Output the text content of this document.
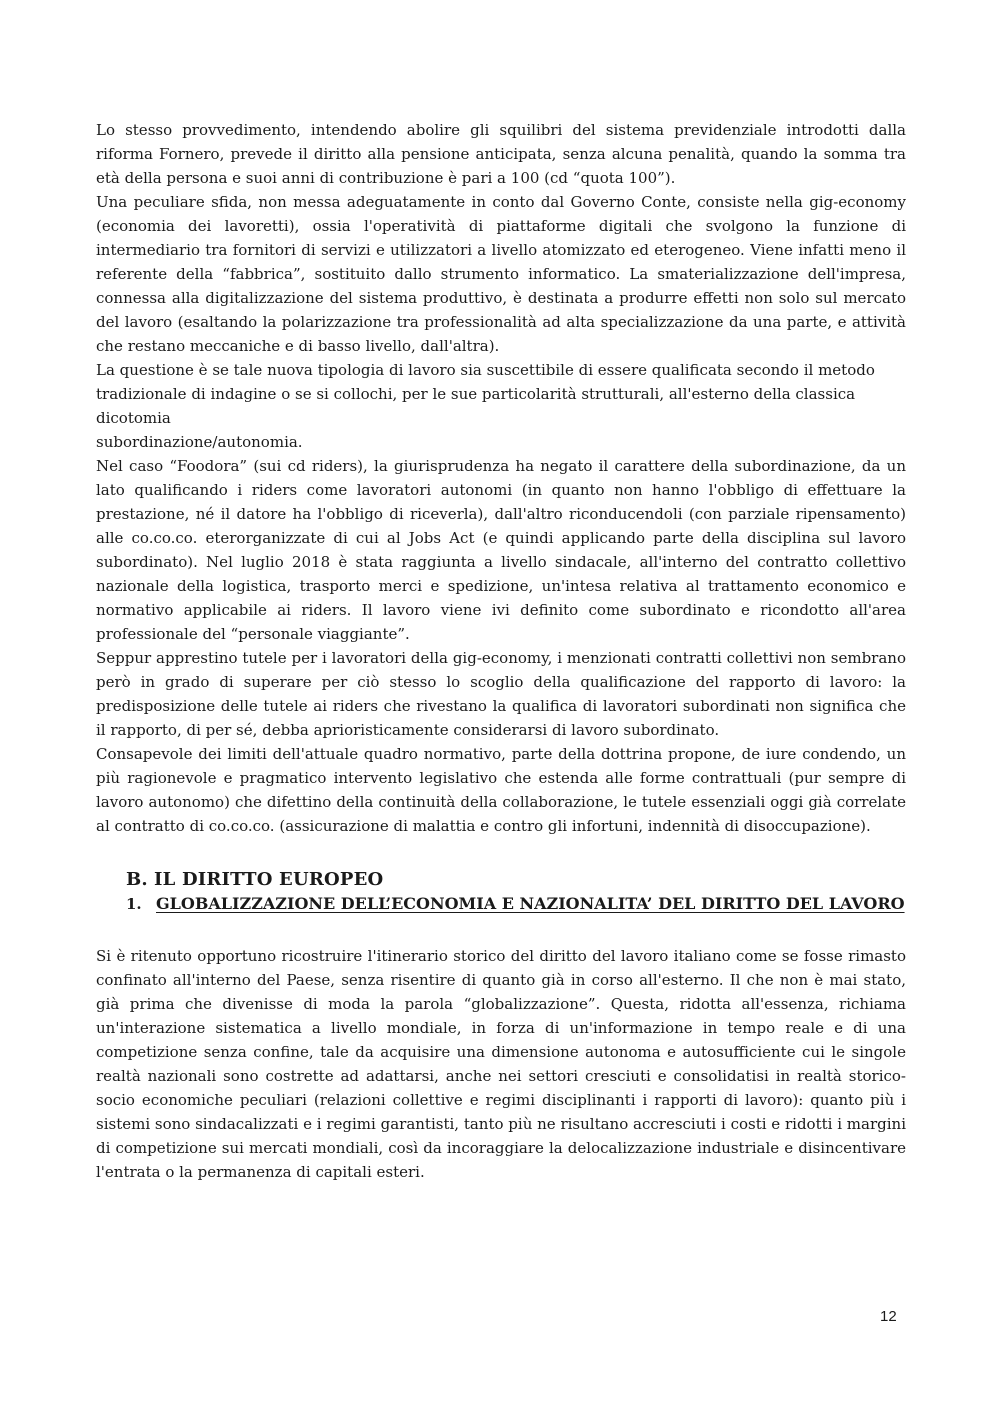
Lo stesso provvedimento, intendendo abolire gli squilibri del sistema previdenziale introdotti dalla riforma Fornero, prevede il diritto alla pensione anticipata, senza alcuna penalità, quando la somma tra età della persona e suoi anni di contribuzione è pari a 100 (cd “quota 100”).

Una peculiare sfida, non messa adeguatamente in conto dal Governo Conte, consiste nella gig-economy (economia dei lavoretti), ossia l'operatività di piattaforme digitali che svolgono la funzione di intermediario tra fornitori di servizi e utilizzatori a livello atomizzato ed eterogeneo. Viene infatti meno il referente della “fabbrica”, sostituito dallo strumento informatico. La smaterializzazione dell'impresa, connessa alla digitalizzazione del sistema produttivo, è destinata a produrre effetti non solo sul mercato del lavoro (esaltando la polarizzazione tra professionalità ad alta specializzazione da una parte, e attività che restano meccaniche e di basso livello, dall'altra).

La questione è se tale nuova tipologia di lavoro sia suscettibile di essere qualificata secondo il metodo tradizionale di indagine o se si collochi, per le sue particolarità strutturali, all'esterno della classica dicotomia

subordinazione/autonomia.

Nel caso “Foodora” (sui cd riders), la giurisprudenza ha negato il carattere della subordinazione, da un lato qualificando i riders come lavoratori autonomi (in quanto non hanno l'obbligo di effettuare la prestazione, né il datore ha l'obbligo di riceverla), dall'altro riconducendoli (con parziale ripensamento) alle co.co.co. eterorganizzate di cui al Jobs Act (e quindi applicando parte della disciplina sul lavoro subordinato). Nel luglio 2018 è stata raggiunta a livello sindacale, all'interno del contratto collettivo nazionale della logistica, trasporto merci e spedizione, un'intesa relativa al trattamento economico e normativo applicabile ai riders. Il lavoro viene ivi definito come subordinato e ricondotto all'area professionale del “personale viaggiante”.

Seppur apprestino tutele per i lavoratori della gig-economy, i menzionati contratti collettivi non sembrano però in grado di superare per ciò stesso lo scoglio della qualificazione del rapporto di lavoro: la predisposizione delle tutele ai riders che rivestano la qualifica di lavoratori subordinati non significa che il rapporto, di per sé, debba aprioristicamente considerarsi di lavoro subordinato.

Consapevole dei limiti dell'attuale quadro normativo, parte della dottrina propone, de iure condendo, un più ragionevole e pragmatico intervento legislativo che estenda alle forme contrattuali (pur sempre di lavoro autonomo) che difettino della continuità della collaborazione, le tutele essenziali oggi già correlate al contratto di co.co.co. (assicurazione di malattia e contro gli infortuni, indennità di disoccupazione).

B. IL DIRITTO EUROPEO
1. GLOBALIZZAZIONE DELL’ECONOMIA E NAZIONALITA’ DEL DIRITTO DEL LAVORO

Si è ritenuto opportuno ricostruire l'itinerario storico del diritto del lavoro italiano come se fosse rimasto confinato all'interno del Paese, senza risentire di quanto già in corso all'esterno. Il che non è mai stato, già prima che divenisse di moda la parola “globalizzazione”. Questa, ridotta all'essenza, richiama un'interazione sistematica a livello mondiale, in forza di un'informazione in tempo reale e di una competizione senza confine, tale da acquisire una dimensione autonoma e autosufficiente cui le singole realtà nazionali sono costrette ad adattarsi, anche nei settori cresciuti e consolidatisi in realtà storico-socio economiche peculiari (relazioni collettive e regimi disciplinanti i rapporti di lavoro): quanto più i sistemi sono sindacalizzati e i regimi garantisti, tanto più ne risultano accresciuti i costi e ridotti i margini di competizione sui mercati mondiali, così da incoraggiare la delocalizzazione industriale e disincentivare l'entrata o la permanenza di capitali esteri.

12
